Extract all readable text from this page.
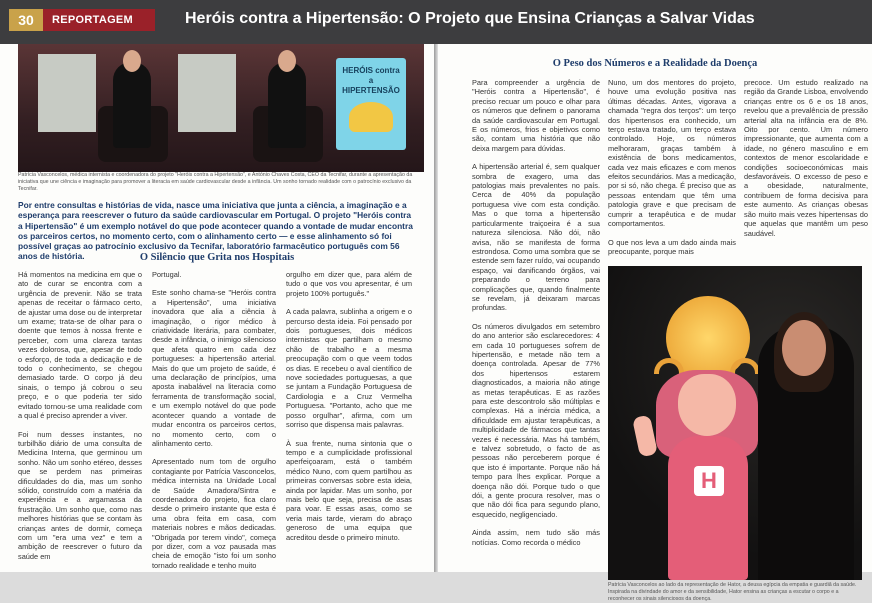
30	REPORTAGEM	Heróis contra a Hipertensão: O Projeto que Ensina Crianças a Salvar Vidas
HERÓIS contra a HIPERTENSÃO
Patrícia Vasconcelos, médica internista e coordenadora do projeto "Heróis contra a Hipertensão", e António Chaves Costa, CEO da Tecnifar, durante a apresentação da iniciativa que une ciência e imaginação para promover a literacia em saúde cardiovascular desde a infância. Um sonho tornado realidade com o patrocínio exclusivo da Tecnifar.
Por entre consultas e histórias de vida, nasce uma iniciativa que junta a ciência, a imaginação e a esperança para reescrever o futuro da saúde cardiovascular em Portugal. O projeto "Heróis contra a Hipertensão" é um exemplo notável do que pode acontecer quando a vontade de mudar encontra os parceiros certos, no momento certo, com o alinhamento certo — e esse alinhamento só foi possível graças ao patrocínio exclusivo da Tecnifar, laboratório farmacêutico português com 56 anos de história.	O Silêncio que Grita nos Hospitais

Há momentos na medicina em que o ato de curar se encontra com a urgência de prevenir. Não se trata apenas de receitar o fármaco certo, de ajustar uma dose ou de interpretar um exame; trata-se de olhar para o doente que temos à nossa frente e perceber, com uma clareza tantas vezes dolorosa, que, apesar de todo o esforço, de toda a dedicação e de todo o conhecimento, se chegou demasiado tarde. O corpo já deu sinais, o tempo já cobrou o seu preço, e o que poderia ter sido evitado tornou-se uma realidade com a qual é preciso aprender a viver.

Foi num desses instantes, no turbilhão diário de uma consulta de Medicina Interna, que germinou um sonho. Não um sonho etéreo, desses que se perdem nas primeiras dificuldades do dia, mas um sonho sólido, construído com a matéria da experiência e a argamassa da frustração. Um sonho que, como nas melhores histórias que se contam às crianças antes de dormir, começa com um "era uma vez" e tem a ambição de reescrever o futuro da saúde em

Portugal.

Este sonho chama-se "Heróis contra a Hipertensão", uma iniciativa inovadora que alia a ciência à imaginação, o rigor médico à criatividade literária, para combater, desde a infância, o inimigo silencioso que afeta quatro em cada dez portugueses: a hipertensão arterial. Mais do que um projeto de saúde, é uma declaração de princípios, uma aposta inabalável na literacia como ferramenta de transformação social, e um exemplo notável do que pode acontecer quando a vontade de mudar encontra os parceiros certos, no momento certo, com o alinhamento certo.

Apresentado num tom de orgulho contagiante por Patrícia Vasconcelos, médica internista na Unidade Local de Saúde Amadora/Sintra e coordenadora do projeto, fica claro desde o primeiro instante que esta é uma obra feita em casa, com materiais nobres e mãos dedicadas. "Obrigada por terem vindo", começa por dizer, com a voz pausada mas cheia de emoção "isto foi um sonho tornado realidade e tenho muito

orgulho em dizer que, para além de tudo o que vos vou apresentar, é um projeto 100% português."

A cada palavra, sublinha a origem e o percurso desta ideia. Foi pensado por dois portugueses, dois médicos internistas que partilham o mesmo chão de trabalho e a mesma preocupação com o que veem todos os dias. E recebeu o aval científico de nove sociedades portuguesas, a que se juntam a Fundação Portuguesa de Cardiologia e a Cruz Vermelha Portuguesa. "Portanto, acho que me posso orgulhar", afirma, com um sorriso que dispensa mais palavras.

À sua frente, numa sintonia que o tempo e a cumplicidade profissional aperfeiçoaram, está o também médico Nuno, com quem partilhou as primeiras conversas sobre esta ideia, ainda por lapidar. Mas um sonho, por mais belo que seja, precisa de asas para voar. E essas asas, como se veria mais tarde, vieram do abraço generoso de uma equipa que acreditou desde o primeiro minuto.

O Peso dos Números e a Realidade da Doença

Para compreender a urgência de "Heróis contra a Hipertensão", é preciso recuar um pouco e olhar para os números que definem o panorama da saúde cardiovascular em Portugal. E os números, frios e objetivos como são, contam uma história que não deixa margem para dúvidas.

A hipertensão arterial é, sem qualquer sombra de exagero, uma das patologias mais prevalentes no país. Cerca de 40% da população portuguesa vive com esta condição. Mas o que torna a hipertensão particularmente traiçoeira é a sua natureza silenciosa. Não dói, não avisa, não se manifesta de forma estrondosa. Como uma sombra que se estende sem fazer ruído, vai ocupando espaço, vai danificando órgãos, vai preparando o terreno para complicações que, quando finalmente se revelam, já deixaram marcas profundas.

Os números divulgados em setembro do ano anterior são esclarecedores: 4 em cada 10 portugueses sofrem de hipertensão, e metade não tem a doença controlada. Apesar de 77% dos hipertensos estarem diagnosticados, a maioria não atinge as metas terapêuticas. E as razões para este descontrolo são múltiplas e complexas. Há a inércia médica, a dificuldade em ajustar terapêuticas, a multiplicidade de fármacos que tantas vezes é necessária. Mas há também, e talvez sobretudo, o facto de as pessoas não perceberem porque é que isto é importante. Porque não há tempo para lhes explicar. Porque a doença não dói. Porque tudo o que dói, a gente procura resolver, mas o que não dói fica para segundo plano, esquecido, negligenciado.

Ainda assim, nem tudo são más notícias. Como recorda o médico

Nuno, um dos mentores do projeto, houve uma evolução positiva nas últimas décadas. Antes, vigorava a chamada "regra dos terços": um terço dos hipertensos era conhecido, um terço estava tratado, um terço estava controlado. Hoje, os números melhoraram, graças também à existência de bons medicamentos, cada vez mais eficazes e com menos efeitos secundários. Mas a medicação, por si só, não chega. É preciso que as pessoas entendam que têm uma patologia grave e que precisam de cumprir a terapêutica e de mudar comportamentos.

O que nos leva a um dado ainda mais preocupante, porque mais

precoce. Um estudo realizado na região da Grande Lisboa, envolvendo crianças entre os 6 e os 18 anos, revelou que a prevalência de pressão arterial alta na infância era de 8%. Oito por cento. Um número impressionante, que aumenta com a idade, no género masculino e em contextos de menor escolaridade e condições socioeconómicas mais desfavoráveis. O excesso de peso e a obesidade, naturalmente, contribuem de forma decisiva para este aumento. As crianças obesas são muito mais vezes hipertensas do que aquelas que mantêm um peso saudável.

H
Patrícia Vasconcelos ao lado da representação de Hator, a deusa egípcia da empatia e guardiã da saúde. Inspirada na divindade do amor e da sensibilidade, Hator ensina as crianças a escutar o corpo e a reconhecer os sinais silenciosos da doença.
